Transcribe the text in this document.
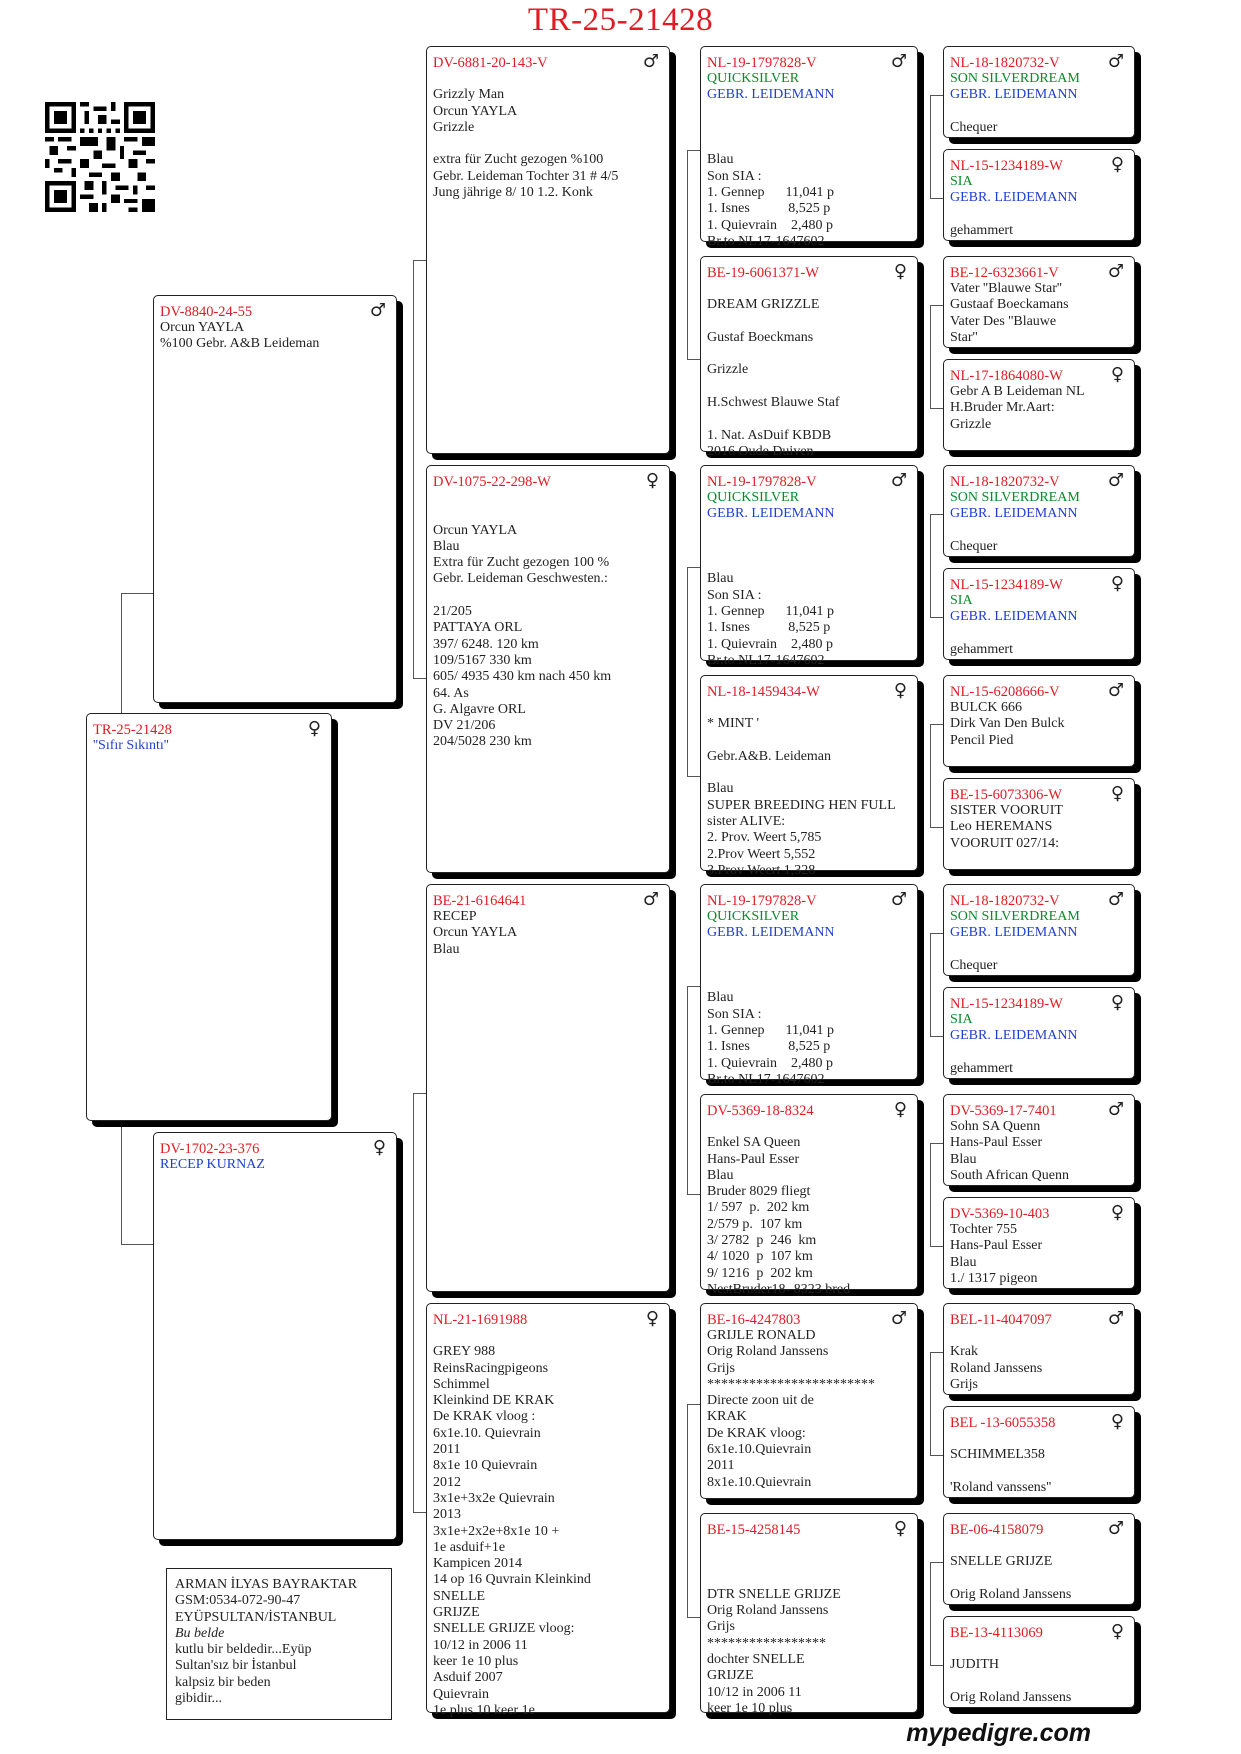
TR-25-21428
TR-25-21428
''Sıfır Sıkıntı''
♀
DV-8840-24-55
Orcun YAYLA
%100 Gebr. A&B Leideman
♂
DV-1702-23-376
RECEP KURNAZ
♀
DV-6881-20-143-V

Grizzly Man
Orcun YAYLA
Grizzle

extra für Zucht gezogen %100
Gebr. Leideman Tochter 31 # 4/5
Jung jährige 8/ 10 1.2. Konk
♂
DV-1075-22-298-W

Orcun YAYLA
Blau
Extra für Zucht gezogen 100 %
Gebr. Leideman Geschwesten.:

21/205
PATTAYA ORL
397/ 6248. 120 km
109/5167 330 km
605/ 4935 430 km nach 450 km
64. As
G. Algavre ORL
DV 21/206
204/5028 230 km
♀
BE-21-6164641
RECEP
Orcun YAYLA
Blau
♂
NL-21-1691988

GREY 988
ReinsRacingpigeons
Schimmel
Kleinkind DE KRAK
De KRAK vloog :
6x1e.10. Quievrain
2011
8x1e 10 Quievrain
2012
3x1e+3x2e Quievrain
2013
3x1e+2x2e+8x1e 10 +
1e asduif+1e
Kampicen 2014
14 op 16 Quvrain Kleinkind
SNELLE
GRIJZE
SNELLE GRIJZE vloog:
10/12 in 2006 11
keer 1e 10 plus
Asduif 2007
Quievrain
1e plus 10 keer 1e
♀
NL-19-1797828-V
QUICKSILVER
GEBR. LEIDEMANN

Blau
Son SIA :
1. Gennep      11,041 p
1. Isnes           8,525 p
1. Quievrain    2,480 p
Br.to NL17-1647602
♂
BE-19-6061371-W

DREAM GRIZZLE

Gustaf Boeckmans

Grizzle

H.Schwest Blauwe Staf

1. Nat. AsDuif KBDB
2016 Oude Duiven
♀
NL-19-1797828-V
QUICKSILVER
GEBR. LEIDEMANN

Blau
Son SIA :
1. Gennep      11,041 p
1. Isnes           8,525 p
1. Quievrain    2,480 p
Br.to NL17-1647602
♂
NL-18-1459434-W

* MINT '

Gebr.A&B. Leideman

Blau
SUPER BREEDING HEN FULL
sister ALIVE:
2. Prov. Weert 5,785
2.Prov Weert 5,552
3.Prov Weert 1,328
♀
NL-19-1797828-V
QUICKSILVER
GEBR. LEIDEMANN

Blau
Son SIA :
1. Gennep      11,041 p
1. Isnes           8,525 p
1. Quievrain    2,480 p
Br.to NL17-1647602
♂
DV-5369-18-8324

Enkel SA Queen
Hans-Paul Esser
Blau
Bruder 8029 fliegt
1/ 597  p.  202 km
2/579 p.  107 km
3/ 2782  p  246  km
4/ 1020  p  107 km
9/ 1216  p  202 km
NestBruder18- 8323 bred
♀
BE-16-4247803
GRIJLE RONALD
Orig Roland Janssens
Grijs
************************
Directe zoon uit de
KRAK
De KRAK vloog:
6x1e.10.Quievrain
2011
8x1e.10.Quievrain
♂
BE-15-4258145

DTR SNELLE GRIJZE
Orig Roland Janssens
Grijs
*****************
dochter SNELLE
GRIJZE
10/12 in 2006 11
keer 1e 10 plus
♀
NL-18-1820732-V
SON SILVERDREAM
GEBR. LEIDEMANN

Chequer
♂
NL-15-1234189-W
SIA
GEBR. LEIDEMANN

gehammert
♀
BE-12-6323661-V
Vater ''Blauwe Star''
Gustaaf Boeckamans
Vater Des ''Blauwe
Star''
♂
NL-17-1864080-W
Gebr A B Leideman NL
H.Bruder Mr.Aart:
Grizzle
♀
NL-18-1820732-V
SON SILVERDREAM
GEBR. LEIDEMANN

Chequer
♂
NL-15-1234189-W
SIA
GEBR. LEIDEMANN

gehammert
♀
NL-15-6208666-V
BULCK 666
Dirk Van Den Bulck
Pencil Pied
♂
BE-15-6073306-W
SISTER VOORUIT
Leo HEREMANS
VOORUIT 027/14:
♀
NL-18-1820732-V
SON SILVERDREAM
GEBR. LEIDEMANN

Chequer
♂
NL-15-1234189-W
SIA
GEBR. LEIDEMANN

gehammert
♀
DV-5369-17-7401
Sohn SA Quenn
Hans-Paul Esser
Blau
South African Quenn
♂
DV-5369-10-403
Tochter 755
Hans-Paul Esser
Blau
1./ 1317 pigeon
♀
BEL-11-4047097

Krak
Roland Janssens
Grijs
♂
BEL -13-6055358

SCHIMMEL358

'Roland vanssens''
♀
BE-06-4158079

SNELLE GRIJZE

Orig Roland Janssens
♂
BE-13-4113069

JUDITH

Orig Roland Janssens
♀
ARMAN İLYAS BAYRAKTAR
GSM:0534-072-90-47
EYÜPSULTAN/İSTANBUL
Bu belde
kutlu bir beldedir...Eyüp
Sultan'sız bir İstanbul
kalpsiz bir beden
gibidir...
mypedigre.com
